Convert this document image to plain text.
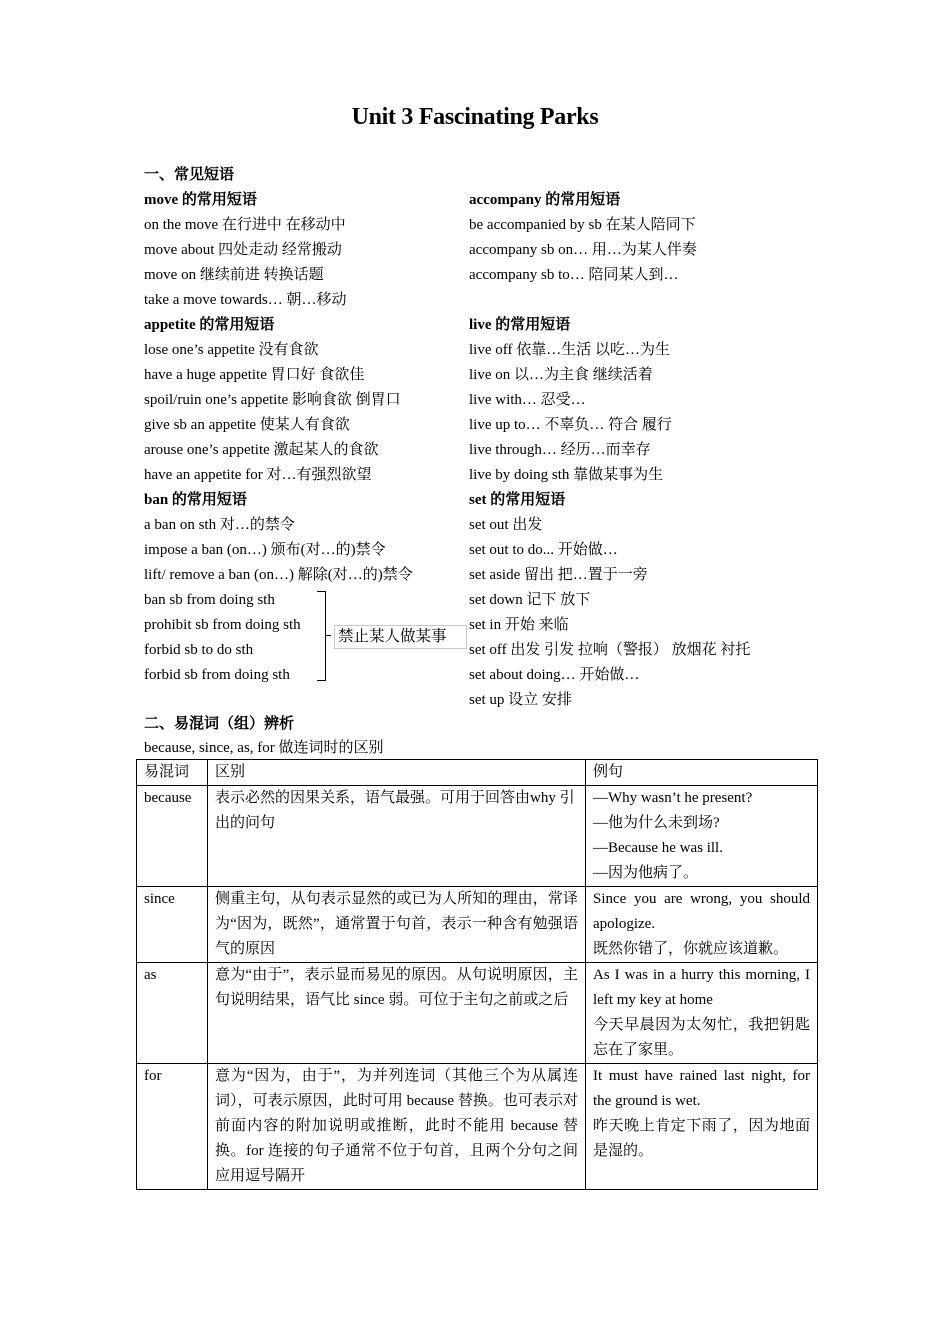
Unit 3 Fascinating Parks
一、常见短语
move 的常用短语
on the move 在行进中 在移动中
move about 四处走动 经常搬动
move on 继续前进 转换话题
take a move towards… 朝…移动
appetite 的常用短语
lose one’s appetite 没有食欲
have a huge appetite 胃口好 食欲佳
spoil/ruin one’s appetite 影响食欲 倒胃口
give sb an appetite 使某人有食欲
arouse one’s appetite 激起某人的食欲
have an appetite for 对…有强烈欲望
ban 的常用短语
a ban on sth 对…的禁令
impose a ban (on…) 颁布(对…的)禁令
lift/ remove a ban (on…) 解除(对…的)禁令
ban sb from doing sth
prohibit sb from doing sth
forbid sb to do sth
forbid sb from doing sth
禁止某人做某事
accompany 的常用短语
be accompanied by sb 在某人陪同下
accompany sb on… 用…为某人伴奏
accompany sb to… 陪同某人到…
live 的常用短语
live off 依靠…生活 以吃…为生
live on 以…为主食 继续活着
live with… 忍受…
live up to… 不辜负… 符合 履行
live through… 经历…而幸存
live by doing sth 靠做某事为生
set 的常用短语
set out 出发
set out to do... 开始做…
set aside 留出 把…置于一旁
set down 记下 放下
set in 开始 来临
set off 出发 引发 拉响（警报） 放烟花 衬托
set about doing… 开始做…
set up 设立 安排
二、易混词（组）辨析
because, since, as, for 做连词时的区别
易混词	区别	例句
because	表示必然的因果关系，语气最强。可用于回答由why 引出的问句	—Why wasn’t he present?
—他为什么未到场?
—Because he was ill.
—因为他病了。

since	侧重主句，从句表示显然的或已为人所知的理由，常译为“因为，既然”，通常置于句首，表示一种含有勉强语气的原因	Since you are wrong, you should apologize.
既然你错了，你就应该道歉。

as	意为“由于”，表示显而易见的原因。从句说明原因，主句说明结果，语气比 since 弱。可位于主句之前或之后	As I was in a hurry this morning, I left my key at home
今天早晨因为太匆忙，我把钥匙忘在了家里。

for	意为“因为，由于”，为并列连词（其他三个为从属连词），可表示原因，此时可用 because 替换。也可表示对前面内容的附加说明或推断，此时不能用 because 替换。for 连接的句子通常不位于句首，且两个分句之间应用逗号隔开	It must have rained last night, for the ground is wet.
昨天晚上肯定下雨了，因为地面是湿的。
